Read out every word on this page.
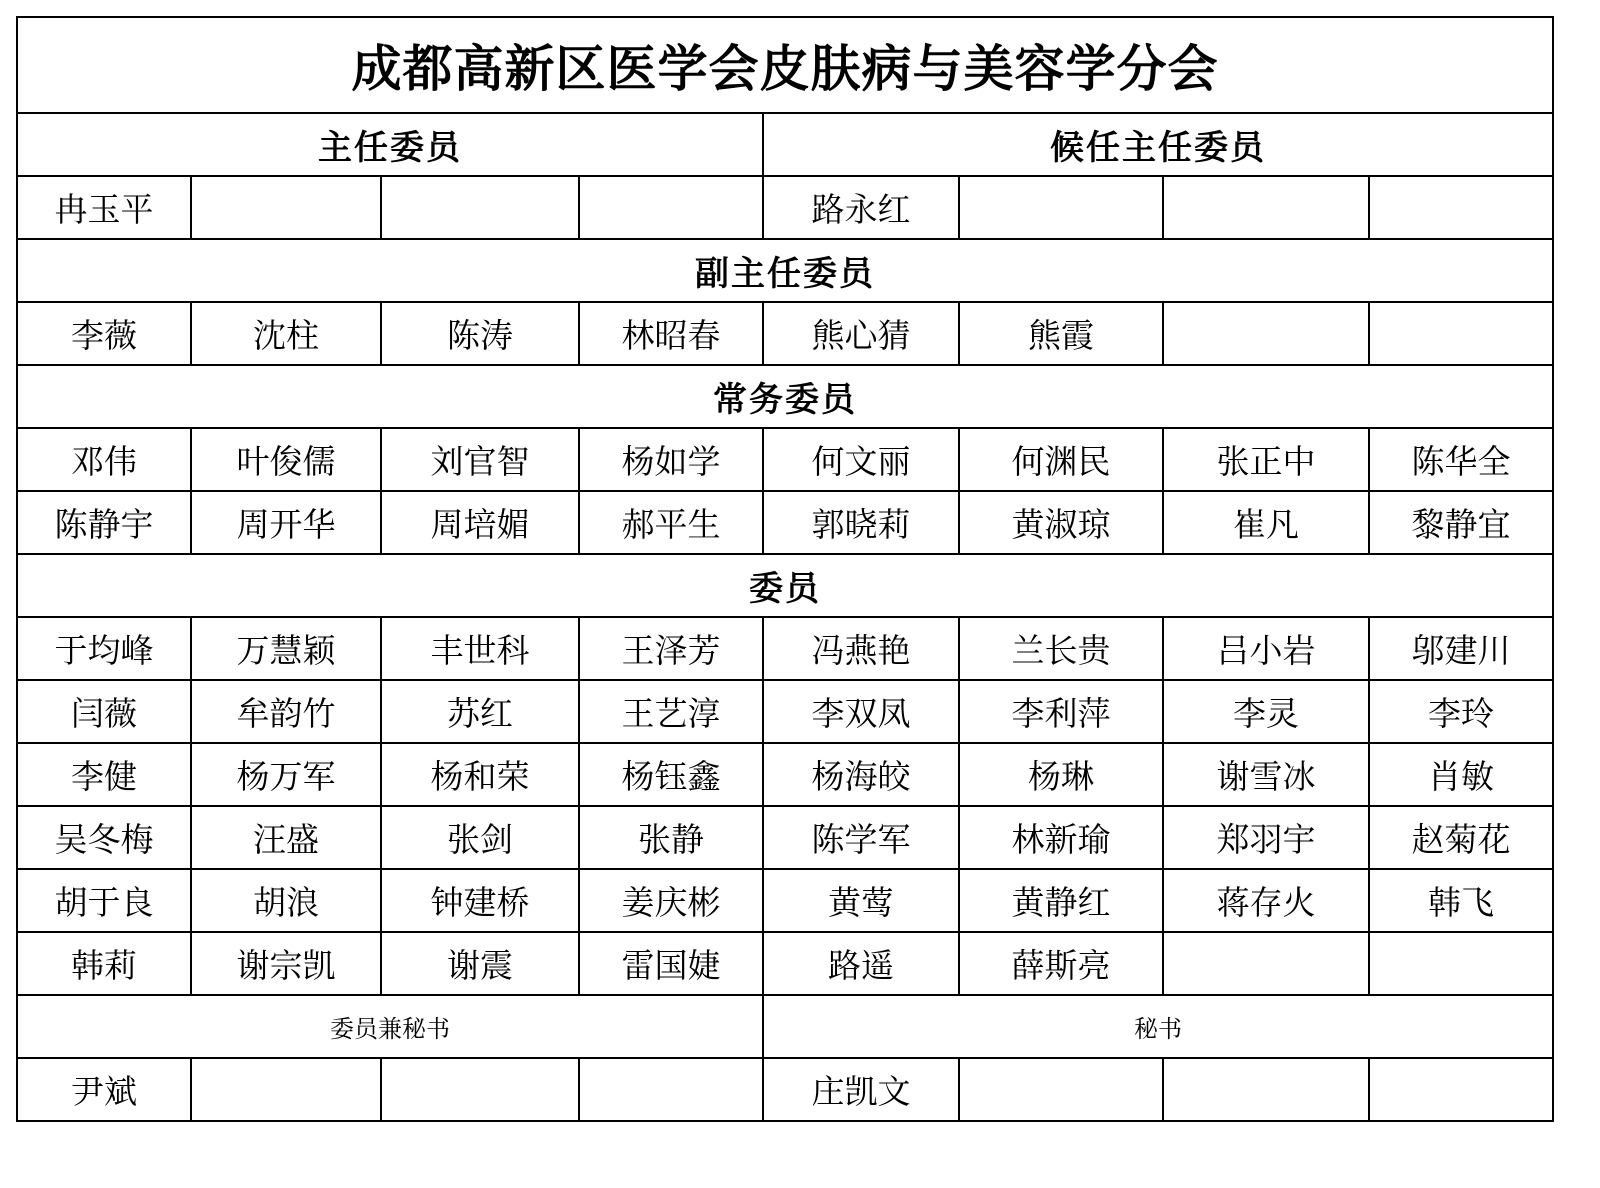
成都高新区医学会皮肤病与美容学分会							
主任委员				候任主任委员			
冉玉平				路永红			
副主任委员							
李薇	沈柱	陈涛	林昭春	熊心猜	熊霞		
常务委员							
邓伟	叶俊儒	刘官智	杨如学	何文丽	何渊民	张正中	陈华全
陈静宇	周开华	周培媚	郝平生	郭晓莉	黄淑琼	崔凡	黎静宜
委员							
于均峰	万慧颖	丰世科	王泽芳	冯燕艳	兰长贵	吕小岩	邬建川
闫薇	牟韵竹	苏红	王艺淳	李双凤	李利萍	李灵	李玲
李健	杨万军	杨和荣	杨钰鑫	杨海皎	杨琳	谢雪冰	肖敏
吴冬梅	汪盛	张剑	张静	陈学军	林新瑜	郑羽宇	赵菊花
胡于良	胡浪	钟建桥	姜庆彬	黄莺	黄静红	蒋存火	韩飞
韩莉	谢宗凯	谢震	雷国婕	路遥	薛斯亮		
委员兼秘书				秘书			
尹斌				庄凯文			
